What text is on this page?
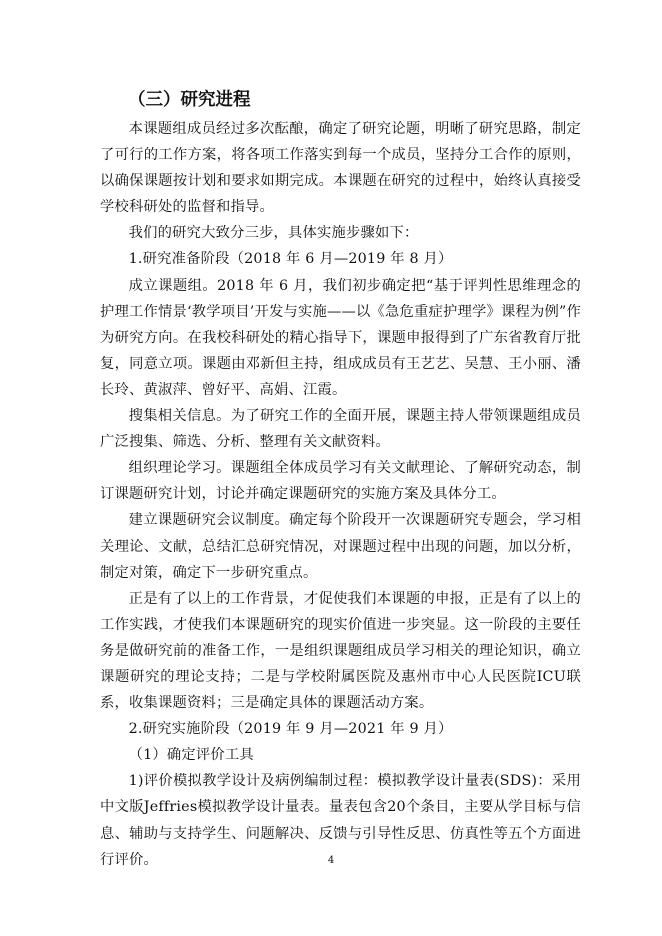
（三）研究进程

本课题组成员经过多次酝酿，确定了研究论题，明晰了研究思路，制定了可行的工作方案，将各项工作落实到每一个成员，坚持分工合作的原则，以确保课题按计划和要求如期完成。本课题在研究的过程中，始终认真接受学校科研处的监督和指导。

我们的研究大致分三步，具体实施步骤如下：

1.研究准备阶段（2018 年 6 月—2019 年 8 月）

成立课题组。2018 年 6 月，我们初步确定把“基于评判性思维理念的护理工作情景‘教学项目’开发与实施——以《急危重症护理学》课程为例”作为研究方向。在我校科研处的精心指导下，课题申报得到了广东省教育厅批复，同意立项。课题由邓新但主持，组成成员有王艺艺、吴慧、王小丽、潘长玲、黄淑萍、曾好平、高娟、江霞。

搜集相关信息。为了研究工作的全面开展，课题主持人带领课题组成员广泛搜集、筛选、分析、整理有关文献资料。

组织理论学习。课题组全体成员学习有关文献理论、了解研究动态，制订课题研究计划，讨论并确定课题研究的实施方案及具体分工。

建立课题研究会议制度。确定每个阶段开一次课题研究专题会，学习相关理论、文献，总结汇总研究情况，对课题过程中出现的问题，加以分析，制定对策，确定下一步研究重点。

正是有了以上的工作背景，才促使我们本课题的申报，正是有了以上的工作实践，才使我们本课题研究的现实价值进一步突显。这一阶段的主要任务是做研究前的准备工作，一是组织课题组成员学习相关的理论知识，确立课题研究的理论支持；二是与学校附属医院及惠州市中心人民医院ICU联系，收集课题资料；三是确定具体的课题活动方案。

2.研究实施阶段（2019 年 9 月—2021 年 9 月）

（1）确定评价工具

1)评价模拟教学设计及病例编制过程：模拟教学设计量表(SDS)：采用中文版Jeffries模拟教学设计量表。量表包含20个条目，主要从学目标与信息、辅助与支持学生、问题解决、反馈与引导性反思、仿真性等五个方面进行评价。	4
